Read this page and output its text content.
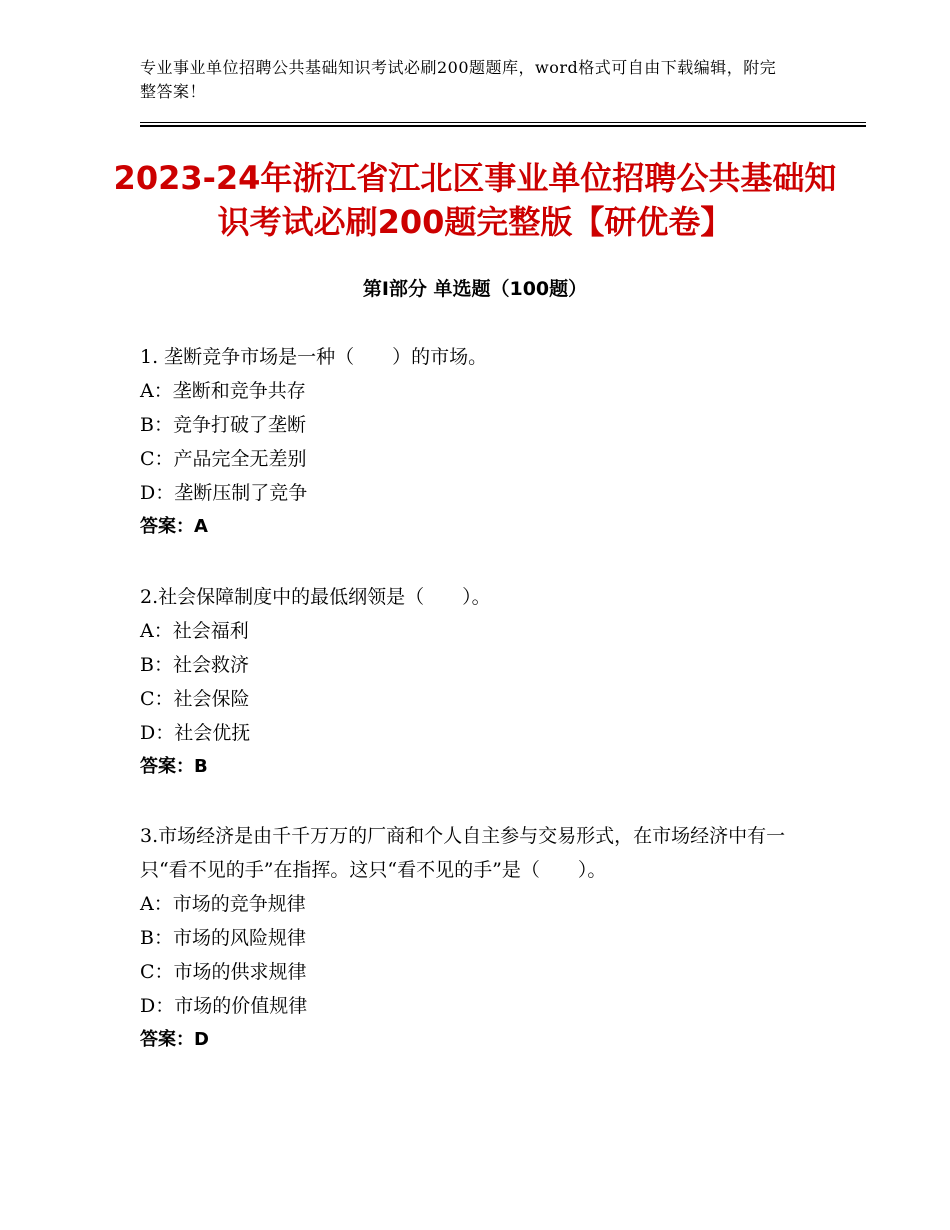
专业事业单位招聘公共基础知识考试必刷200题题库，word格式可自由下载编辑，附完整答案！
2023-24年浙江省江北区事业单位招聘公共基础知识考试必刷200题完整版【研优卷】
第Ⅰ部分 单选题（100题）

1. 垄断竞争市场是一种（　　）的市场。

A：垄断和竞争共存

B：竞争打破了垄断

C：产品完全无差别

D：垄断压制了竞争

答案：A

2.社会保障制度中的最低纲领是（　　）。

A：社会福利

B：社会救济

C：社会保险

D：社会优抚

答案：B

3.市场经济是由千千万万的厂商和个人自主参与交易形式，在市场经济中有一只“看不见的手”在指挥。这只“看不见的手”是（　　）。

A：市场的竞争规律

B：市场的风险规律

C：市场的供求规律

D：市场的价值规律

答案：D
